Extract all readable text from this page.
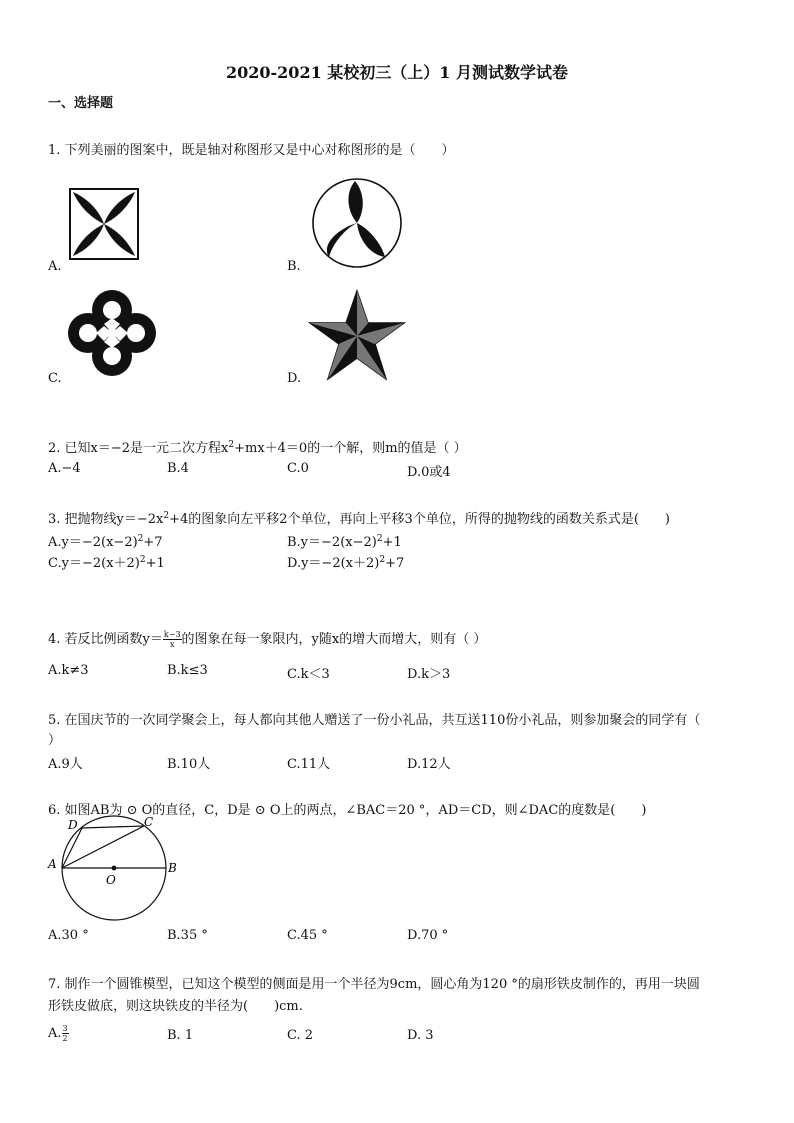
2020-2021 某校初三（上）1 月测试数学试卷
一、选择题
1. 下列美丽的图案中，既是轴对称图形又是中心对称图形的是（　　）
A.	B.
C.	D.
2. 已知x＝−2是一元二次方程$x^2+mx+4=0$的一个解，则m的值是（ ）
A.−4	B.4	C.0	D.0或4
3. 把抛物线$y=-2x^2+4$的图象向左平移2个单位，再向上平移3个单位，所得的抛物线的函数关系式是(　　)
$A.y=-2(x-2)^2+7$	$B.y=-2(x-2)^2+1$
$C.y=-2(x+2)^2+1$	$D.y=-2(x+2)^2+7$
4. 若反比例函数$y= \frac{k-3}{x}$ 的图象在每一象限内，y随x的增大而增大，则有（ ）
A.k≠3	B.k≤3	C.k＜3	D.k＞3
5. 在国庆节的一次同学聚会上，每人都向其他人赠送了一份小礼品，共互送110份小礼品，则参加聚会的同学有（
）
A.9人	B.10人	C.11人	D.12人
6. 如图AB为 ⊙ O的直径，C，D是 ⊙ O上的两点，∠BAC＝20 °，AD＝CD，则∠DAC的度数是(　　)
A	B
C
D
O
A.30 °	B.35 °	C.45 °	D.70 °
7. 制作一个圆锥模型，已知这个模型的侧面是用一个半径为9cm，圆心角为120 °的扇形铁皮制作的，再用一块圆
形铁皮做底，则这块铁皮的半径为(　　)cm.
A. $\frac{3}{2}$	B. 1	C. 2	D. 3
